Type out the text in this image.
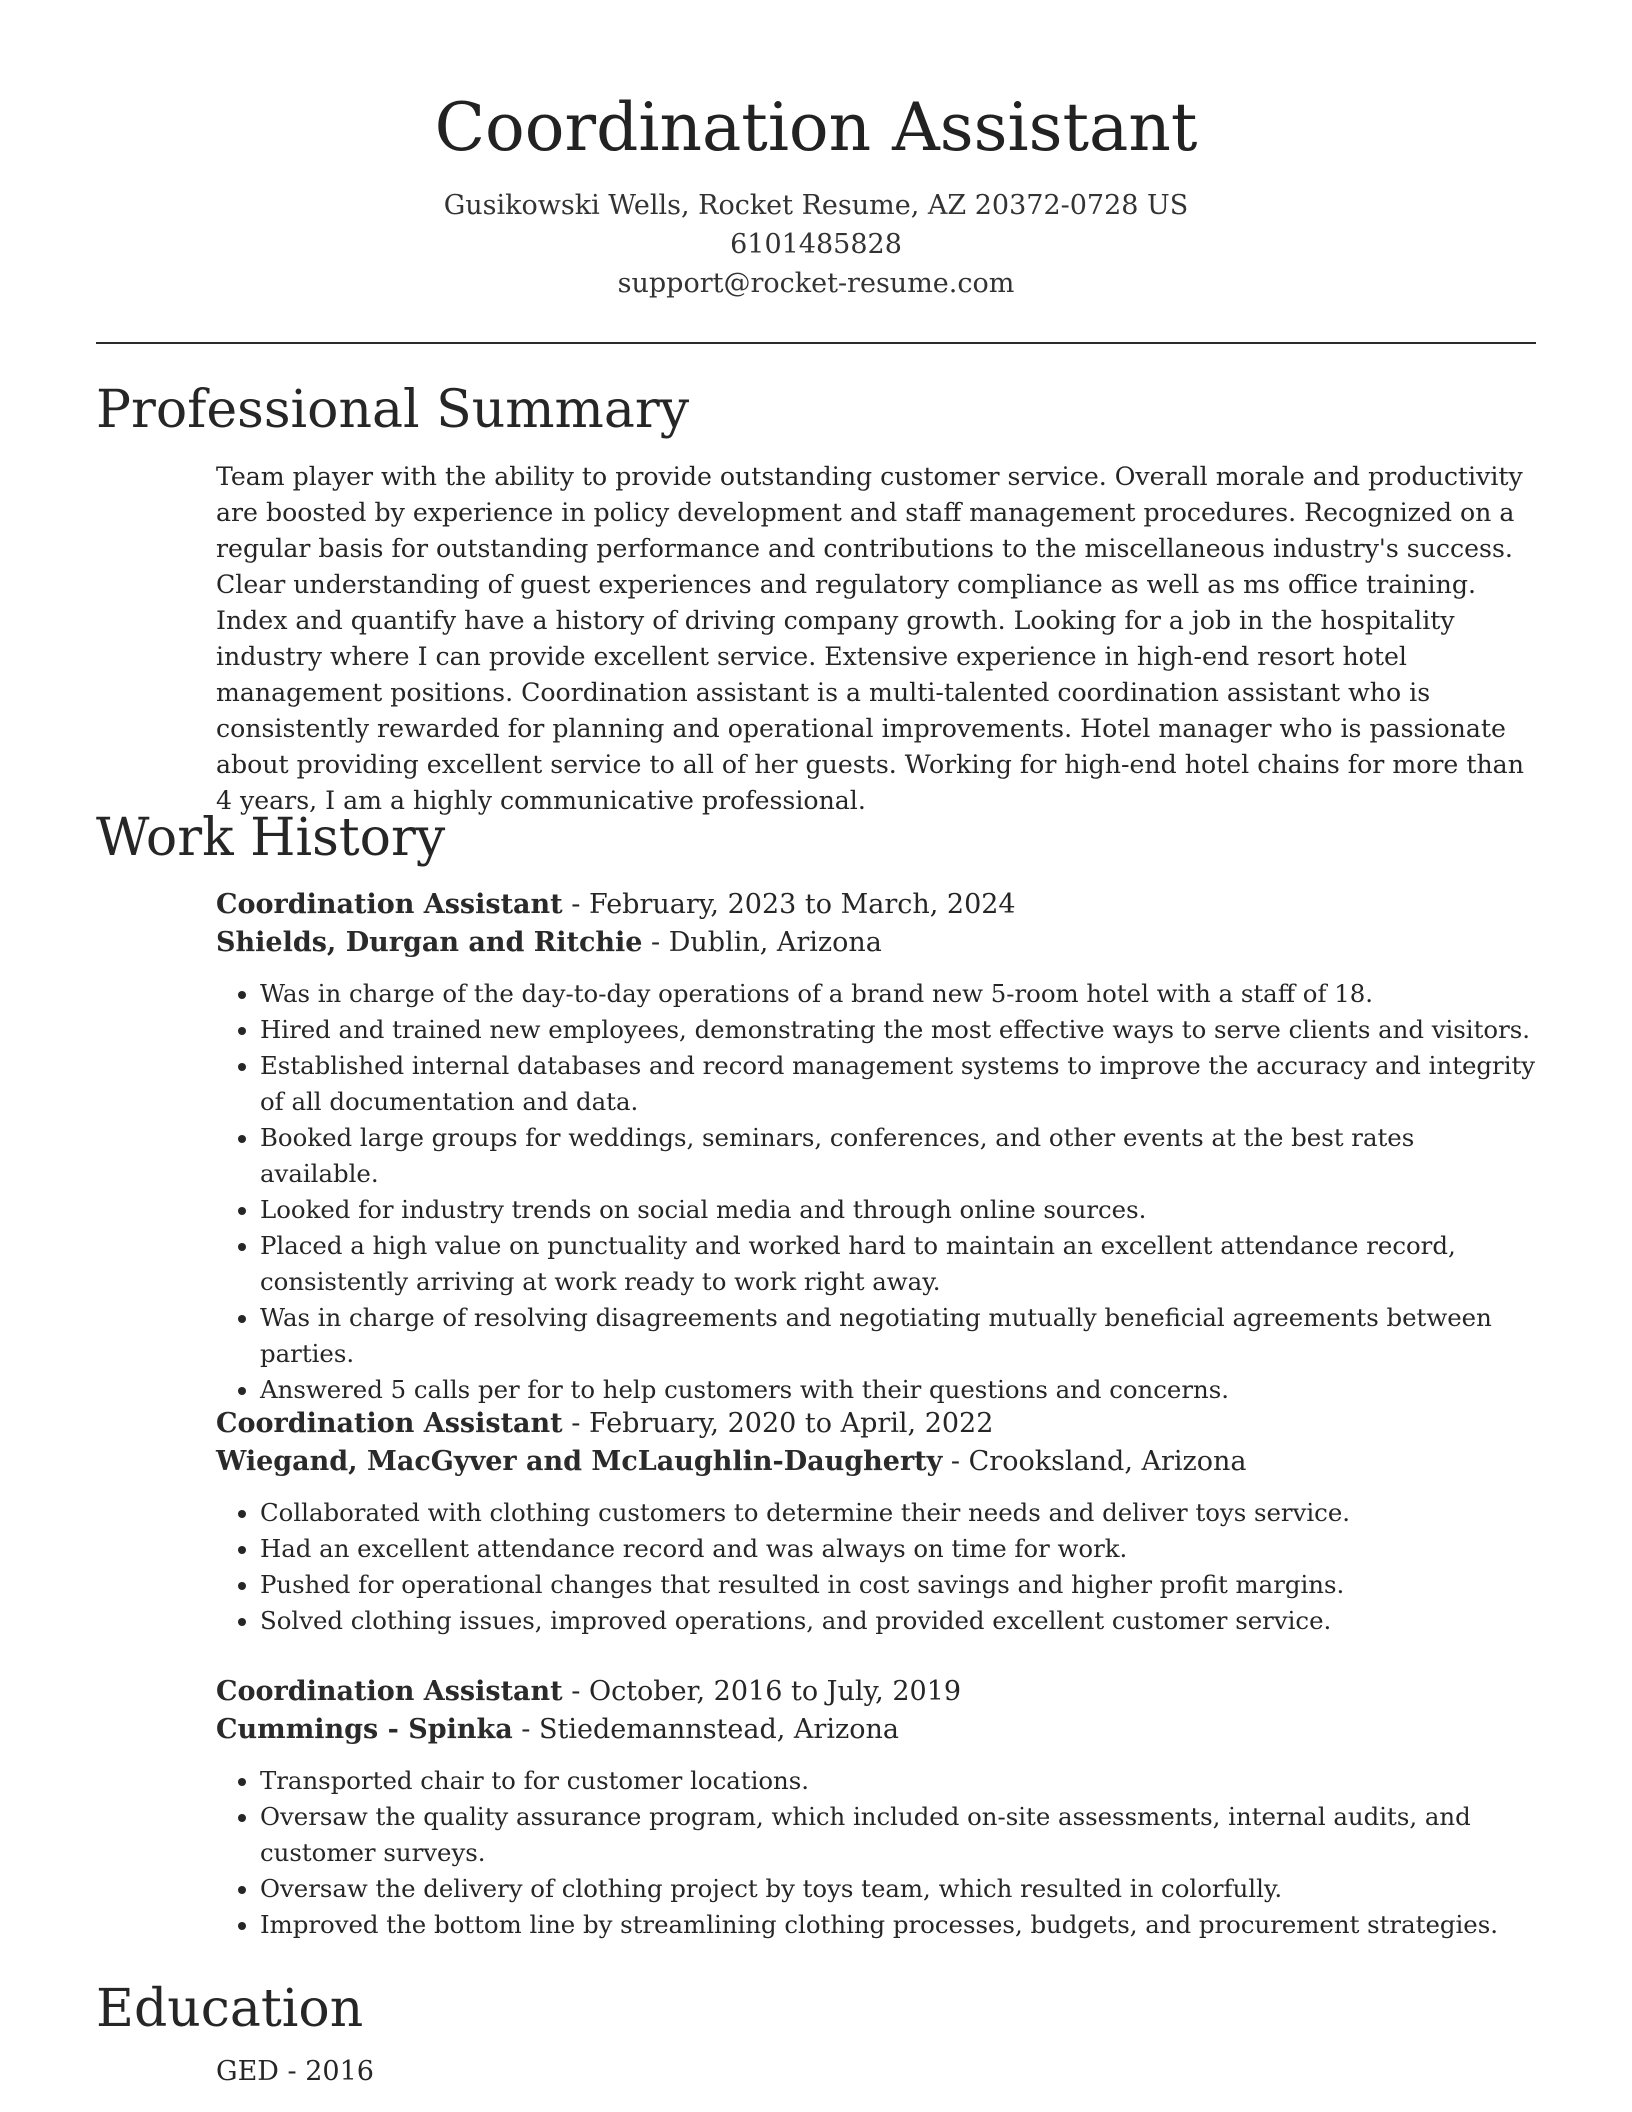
Coordination Assistant
Gusikowski Wells, Rocket Resume, AZ 20372-0728 US
6101485828
support@rocket-resume.com
Professional Summary

Team player with the ability to provide outstanding customer service. Overall morale and productivity are boosted by experience in policy development and staff management procedures. Recognized on a regular basis for outstanding performance and contributions to the miscellaneous industry's success. Clear understanding of guest experiences and regulatory compliance as well as ms office training. Index and quantify have a history of driving company growth. Looking for a job in the hospitality industry where I can provide excellent service. Extensive experience in high-end resort hotel management positions. Coordination assistant is a multi-talented coordination assistant who is consistently rewarded for planning and operational improvements. Hotel manager who is passionate about providing excellent service to all of her guests. Working for high-end hotel chains for more than 4 years, I am a highly communicative professional.

Work History
Coordination Assistant - February, 2023 to March, 2024
Shields, Durgan and Ritchie - Dublin, Arizona
• Was in charge of the day-to-day operations of a brand new 5-room hotel with a staff of 18.
• Hired and trained new employees, demonstrating the most effective ways to serve clients and visitors.
• Established internal databases and record management systems to improve the accuracy and integrity of all documentation and data.
• Booked large groups for weddings, seminars, conferences, and other events at the best rates available.
• Looked for industry trends on social media and through online sources.
• Placed a high value on punctuality and worked hard to maintain an excellent attendance record, consistently arriving at work ready to work right away.
• Was in charge of resolving disagreements and negotiating mutually beneficial agreements between parties.
• Answered 5 calls per for to help customers with their questions and concerns.
Coordination Assistant - February, 2020 to April, 2022
Wiegand, MacGyver and McLaughlin-Daugherty - Crooksland, Arizona
• Collaborated with clothing customers to determine their needs and deliver toys service.
• Had an excellent attendance record and was always on time for work.
• Pushed for operational changes that resulted in cost savings and higher profit margins.
• Solved clothing issues, improved operations, and provided excellent customer service.
Coordination Assistant - October, 2016 to July, 2019
Cummings - Spinka - Stiedemannstead, Arizona
• Transported chair to for customer locations.
• Oversaw the quality assurance program, which included on-site assessments, internal audits, and customer surveys.
• Oversaw the delivery of clothing project by toys team, which resulted in colorfully.
• Improved the bottom line by streamlining clothing processes, budgets, and procurement strategies.
Education
GED - 2016
